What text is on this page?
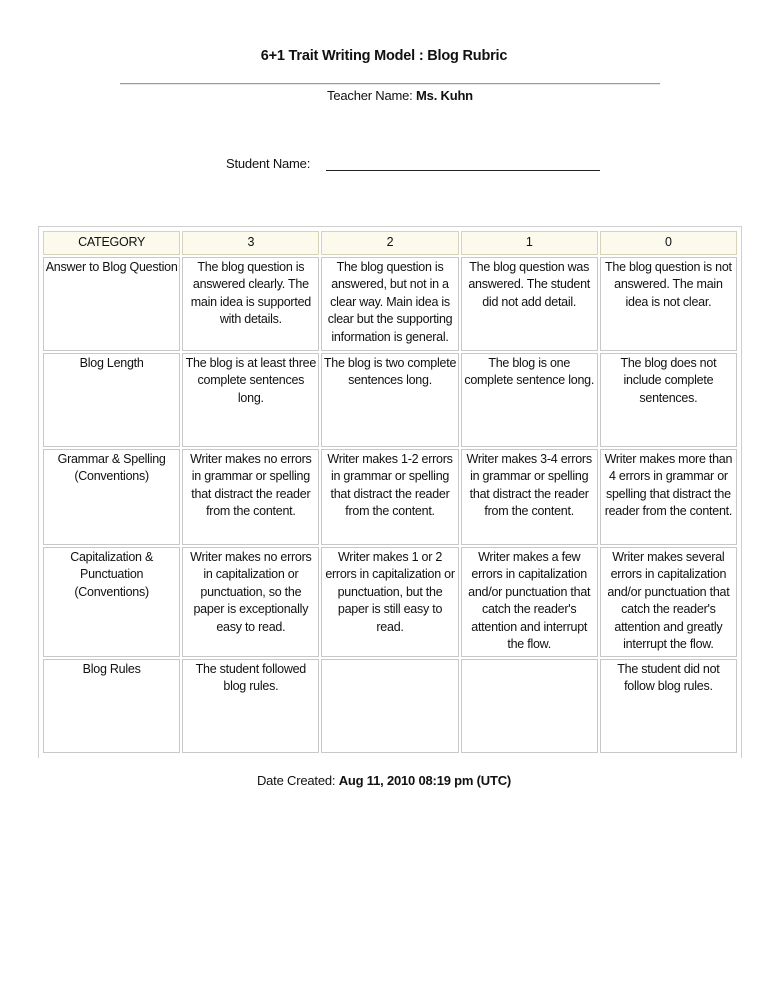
6+1 Trait Writing Model : Blog Rubric
Teacher Name: Ms. Kuhn
Student Name:
CATEGORY	3	2	1	0
Answer to Blog Question	The blog question is answered clearly. The main idea is supported with details.	The blog question is answered, but not in a clear way. Main idea is clear but the supporting information is general.	The blog question was answered. The student did not add detail.	The blog question is not answered. The main idea is not clear.
Blog Length	The blog is at least three complete sentences long.	The blog is two complete sentences long.	The blog is one complete sentence long.	The blog does not include complete sentences.
Grammar & Spelling (Conventions)	Writer makes no errors in grammar or spelling that distract the reader from the content.	Writer makes 1-2 errors in grammar or spelling that distract the reader from the content.	Writer makes 3-4 errors in grammar or spelling that distract the reader from the content.	Writer makes more than 4 errors in grammar or spelling that distract the reader from the content.
Capitalization & Punctuation (Conventions)	Writer makes no errors in capitalization or punctuation, so the paper is exceptionally easy to read.	Writer makes 1 or 2 errors in capitalization or punctuation, but the paper is still easy to read.	Writer makes a few errors in capitalization and/or punctuation that catch the reader's attention and interrupt the flow.	Writer makes several errors in capitalization and/or punctuation that catch the reader's attention and greatly interrupt the flow.
Blog Rules	The student followed blog rules.			The student did not follow blog rules.
Date Created: Aug 11, 2010 08:19 pm (UTC)
